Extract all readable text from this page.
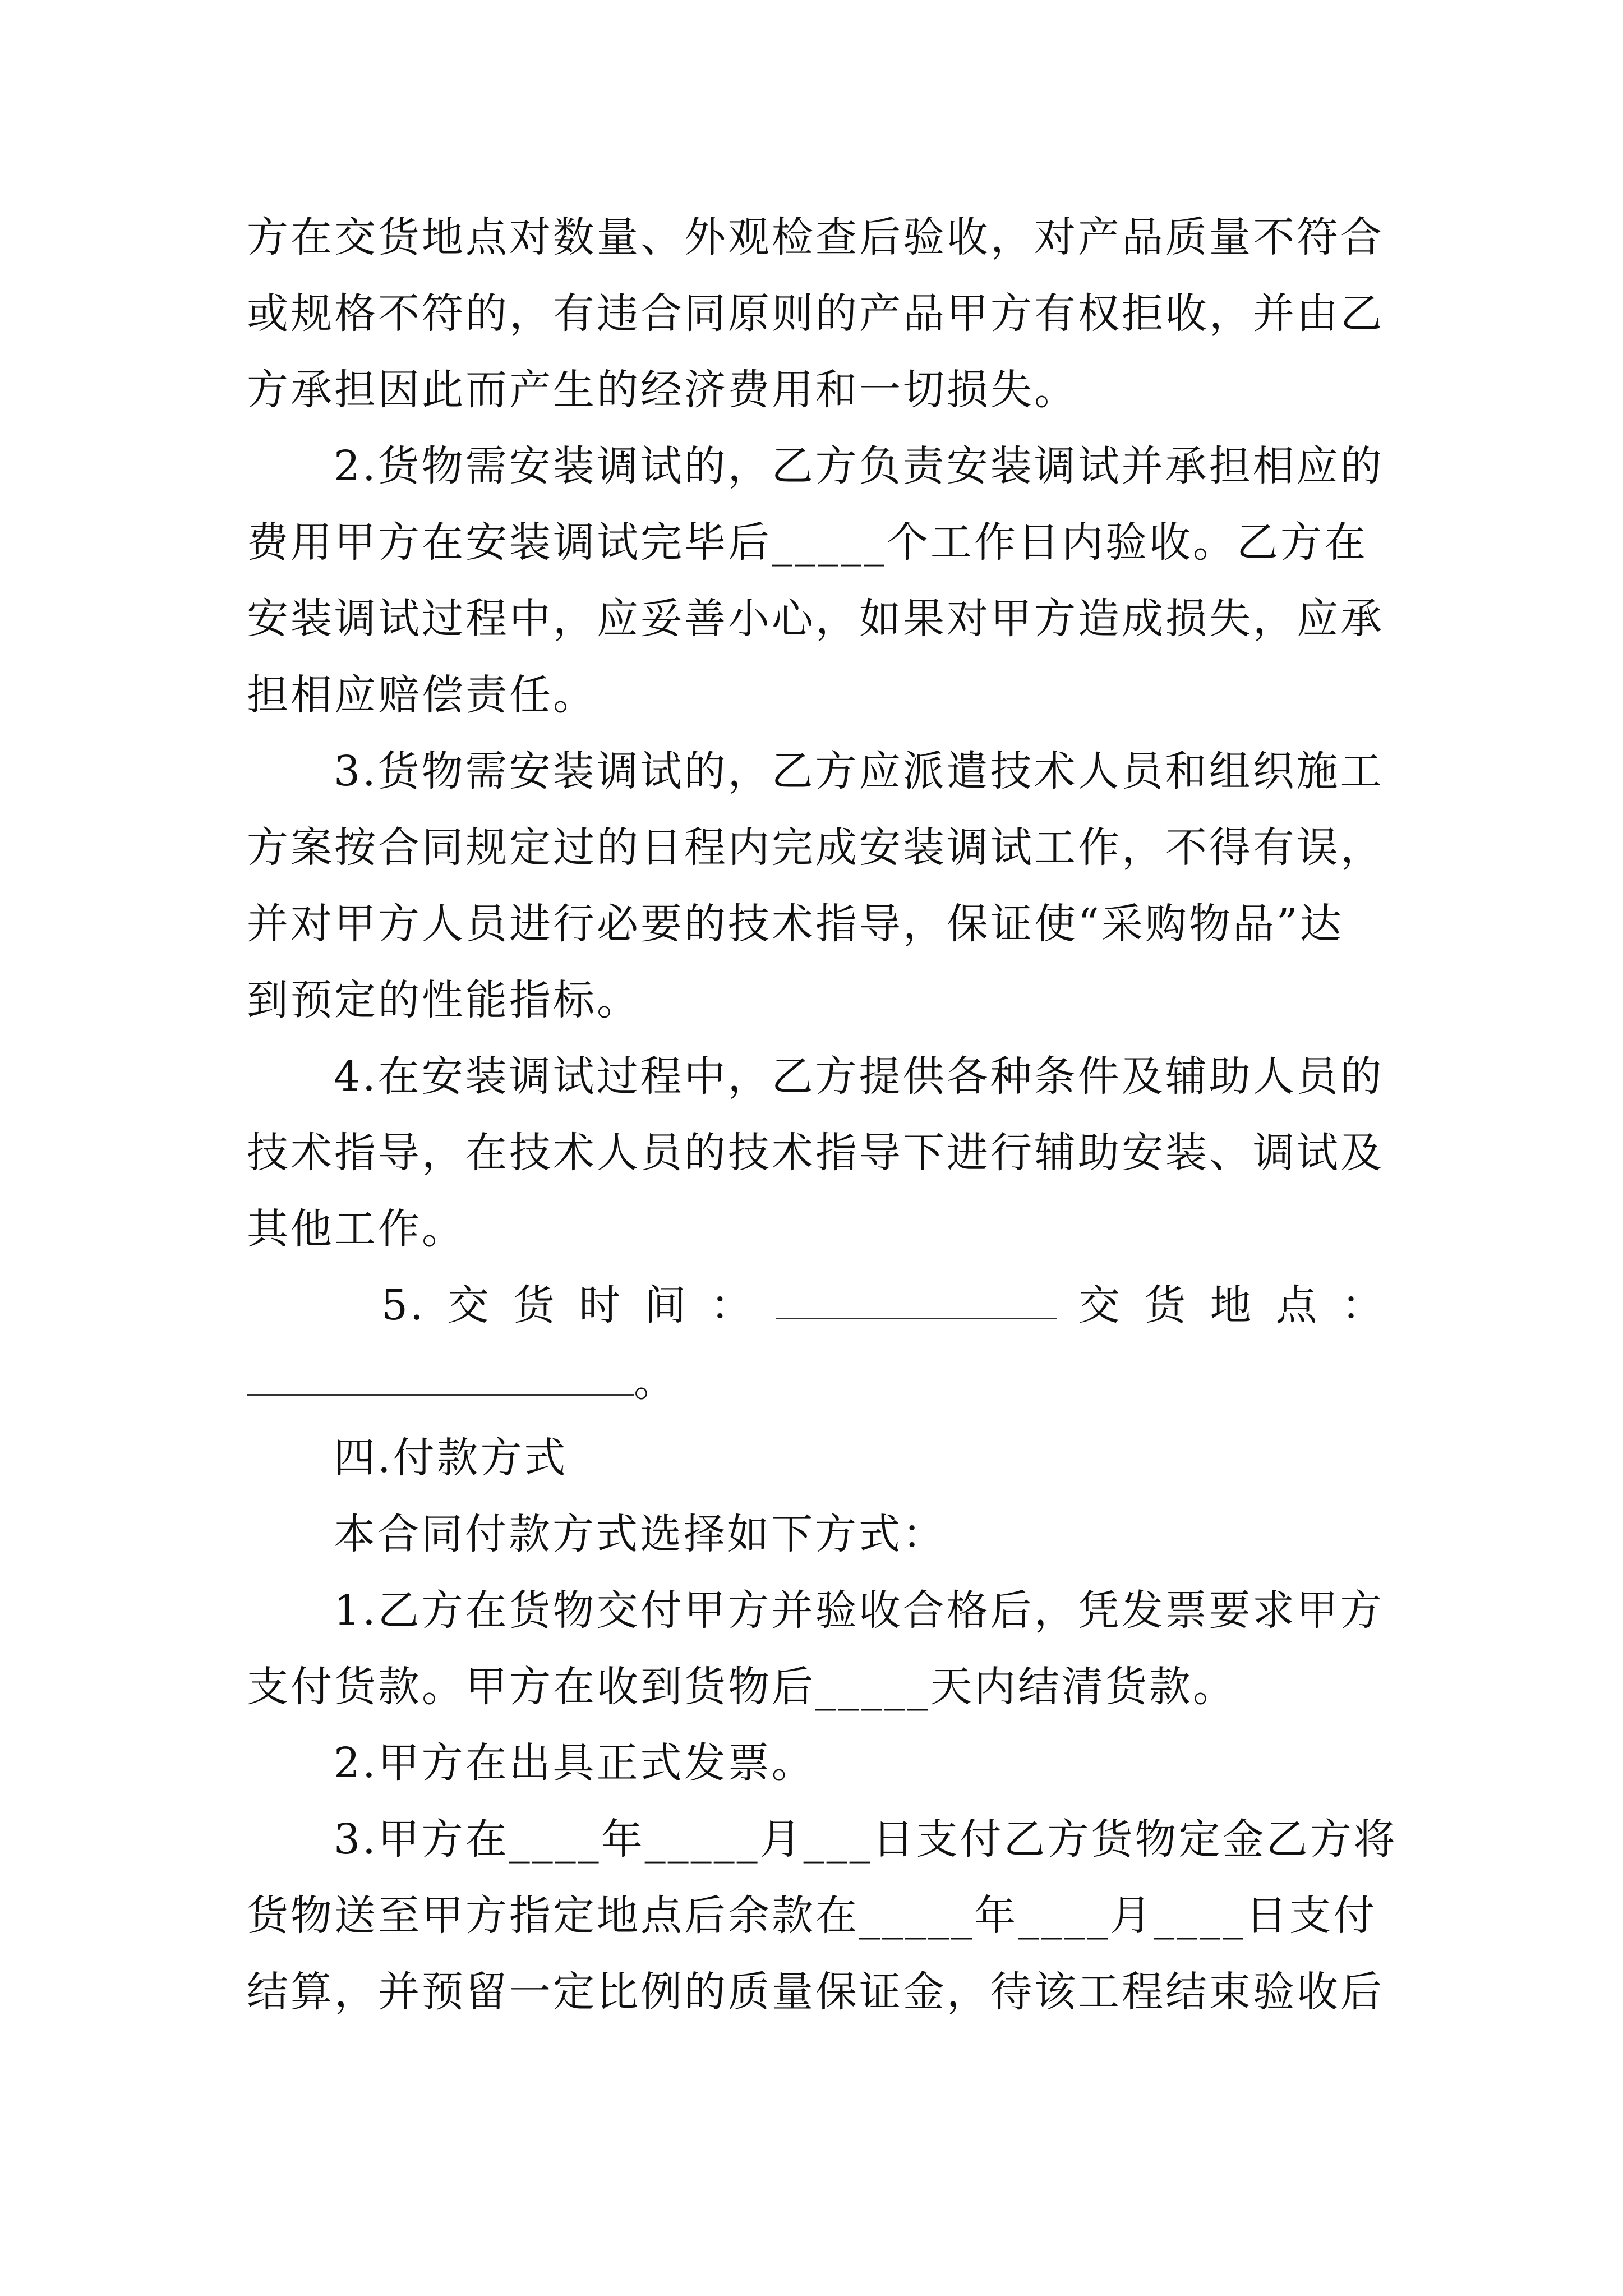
方在交货地点对数量、外观检查后验收，对产品质量不符合
或规格不符的，有违合同原则的产品甲方有权拒收，并由乙
方承担因此而产生的经济费用和一切损失。
2.货物需安装调试的，乙方负责安装调试并承担相应的
费用甲方在安装调试完毕后_____个工作日内验收。乙方在
安装调试过程中，应妥善小心，如果对甲方造成损失，应承
担相应赔偿责任。
3.货物需安装调试的，乙方应派遣技术人员和组织施工
方案按合同规定过的日程内完成安装调试工作，不得有误，
并对甲方人员进行必要的技术指导，保证使“采购物品”达
到预定的性能指标。
4.在安装调试过程中，乙方提供各种条件及辅助人员的
技术指导，在技术人员的技术指导下进行辅助安装、调试及
其他工作。
5. 交 货 时 间 ：	交 货 地 点 ：
。
四.付款方式
本合同付款方式选择如下方式：
1.乙方在货物交付甲方并验收合格后，凭发票要求甲方
支付货款。甲方在收到货物后_____天内结清货款。
2.甲方在出具正式发票。
3.甲方在____年_____月___日支付乙方货物定金乙方将
货物送至甲方指定地点后余款在_____年____月____日支付
结算，并预留一定比例的质量保证金，待该工程结束验收后
